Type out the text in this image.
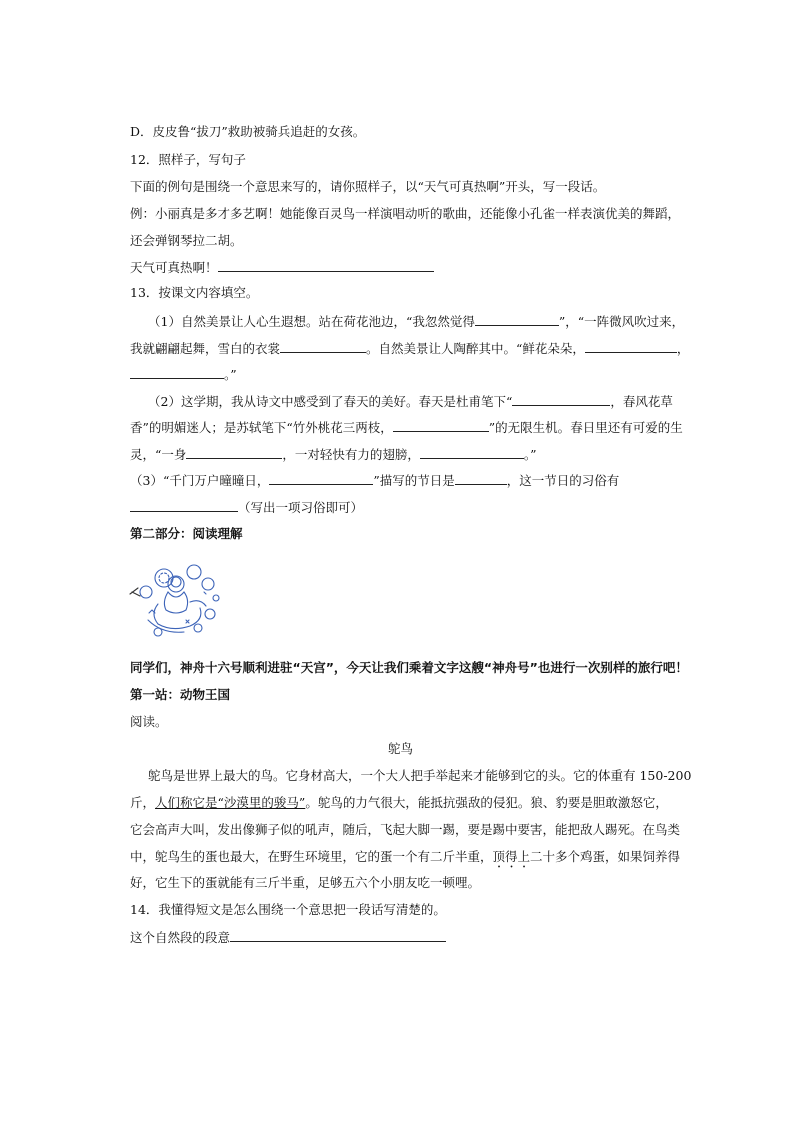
D．皮皮鲁“拔刀”救助被骑兵追赶的女孩。
12．照样子，写句子
下面的例句是围绕一个意思来写的，请你照样子，以“天气可真热啊”开头，写一段话。
例：小丽真是多才多艺啊！她能像百灵鸟一样演唱动听的歌曲，还能像小孔雀一样表演优美的舞蹈，
还会弹钢琴拉二胡。
天气可真热啊！
13．按课文内容填空。
（1）自然美景让人心生遐想。站在荷花池边，“我忽然觉得	”，“一阵微风吹过来，
我就翩翩起舞，雪白的衣裳	。自然美景让人陶醉其中。“鲜花朵朵，	，
。”
（2）这学期，我从诗文中感受到了春天的美好。春天是杜甫笔下“	，春风花草
香”的明媚迷人；是苏轼笔下“竹外桃花三两枝，	”的无限生机。春日里还有可爱的生
灵，“一身	，一对轻快有力的翅膀，	。”
（3）“千门万户曈曈日，	”描写的节日是	，这一节日的习俗有
（写出一项习俗即可）
第二部分：阅读理解
同学们，神舟十六号顺利进驻“天宫”，今天让我们乘着文字这艘“神舟号”也进行一次别样的旅行吧！
第一站：动物王国
阅读。
鸵鸟
鸵鸟是世界上最大的鸟。它身材高大，一个大人把手举起来才能够到它的头。它的体重有 150-200
斤，人们称它是“沙漠里的骏马”。鸵鸟的力气很大，能抵抗强敌的侵犯。狼、豹要是胆敢激怒它，
它会高声大叫，发出像狮子似的吼声，随后，飞起大脚一踢，要是踢中要害，能把敌人踢死。在鸟类
中，鸵鸟生的蛋也最大，在野生环境里，它的蛋一个有二斤半重，顶得上二十多个鸡蛋，如果饲养得
好，它生下的蛋就能有三斤半重，足够五六个小朋友吃一顿哩。
14．我懂得短文是怎么围绕一个意思把一段话写清楚的。
这个自然段的段意
